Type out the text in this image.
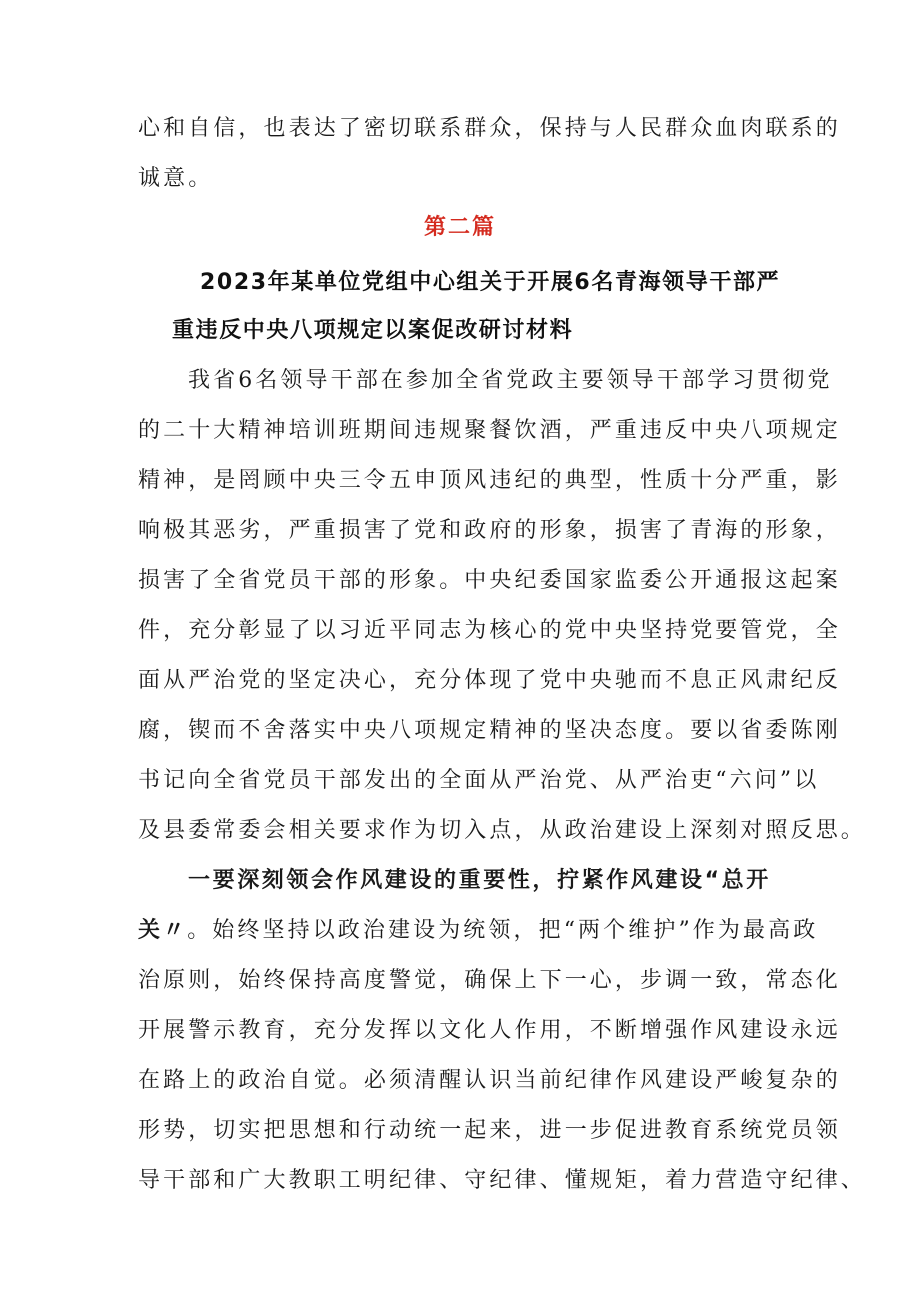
心和自信，也表达了密切联系群众，保持与人民群众血肉联系的
诚意。
第二篇
2023年某单位党组中心组关于开展6名青海领导干部严
重违反中央八项规定以案促改研讨材料
我省6名领导干部在参加全省党政主要领导干部学习贯彻党
的二十大精神培训班期间违规聚餐饮酒，严重违反中央八项规定
精神，是罔顾中央三令五申顶风违纪的典型，性质十分严重，影
响极其恶劣，严重损害了党和政府的形象，损害了青海的形象，
损害了全省党员干部的形象。中央纪委国家监委公开通报这起案
件，充分彰显了以习近平同志为核心的党中央坚持党要管党，全
面从严治党的坚定决心，充分体现了党中央驰而不息正风肃纪反
腐，锲而不舍落实中央八项规定精神的坚决态度。要以省委陈刚
书记向全省党员干部发出的全面从严治党、从严治吏“六问”以
及县委常委会相关要求作为切入点，从政治建设上深刻对照反思。
一要深刻领会作风建设的重要性，拧紧作风建设“总开
关〃。始终坚持以政治建设为统领，把“两个维护”作为最高政
治原则，始终保持高度警觉，确保上下一心，步调一致，常态化
开展警示教育，充分发挥以文化人作用，不断增强作风建设永远
在路上的政治自觉。必须清醒认识当前纪律作风建设严峻复杂的
形势，切实把思想和行动统一起来，进一步促进教育系统党员领
导干部和广大教职工明纪律、守纪律、懂规矩，着力营造守纪律、
